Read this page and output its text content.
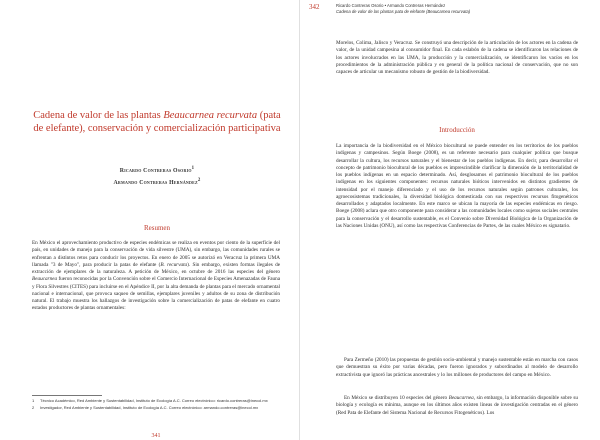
Cadena de valor de las plantas Beaucarnea recurvata (pata de elefante), conservación y comercialización participativa
Ricardo Contreras Osorio$^1$
Armando Contreras Hernández$^2$
Resumen

En México el aprovechamiento productivo de especies endémicas se realiza en eventos por ciento de la superficie del país, en unidades de manejo para la conservación de vida silvestre (UMA), sin embargo, las comunidades rurales se enfrentan a distintos retos para conducir los proyectos. En enero de 2005 se autorizó en Veracruz la primera UMA llamada "3 de Mayo", para producir la patas de elefante (B. recurvata). Sin embargo, existen formas ilegales de extracción de ejemplares de la naturaleza. A petición de México, en octubre de 2016 las especies del género Beaucarnea fueron reconocidas por la Convención sobre el Comercio Internacional de Especies Amenazadas de Fauna y Flora Silvestres (CITES) para incluirse en el Apéndice II, por la alta demanda de plantas para el mercado ornamental nacional e internacional, que provoca saqueo de semillas, ejemplares juveniles y adultos de su zona de distribución natural. El trabajo muestra los hallazgos de investigación sobre la comercialización de patas de elefante en cuatro estados productores de plantas ornamentales:

1	Técnico Académico, Red Ambiente y Sustentabilidad, Instituto de Ecología A.C. Correo electrónico: ricardo.contreras@inecol.mx
2	Investigador, Red Ambiente y Sustentabilidad, Instituto de Ecología A.C. Correo electrónico: armando.contreras@inecol.mx
341
342	Ricardo Contreras Osorio • Armando Contreras Hernández
Cadena de valor de las plantas pata de elefante (Beaucarnea recurvata)

Morelos, Colima, Jalisco y Veracruz. Se construyó una descripción de la articulación de los actores en la cadena de valor, de la unidad campesina al consumidor final. En cada eslabón de la cadena se identificaron las relaciones de los actores involucrados en las UMA, la producción y la comercialización, se identificaron los vacíos en los procedimientos de la administración pública y en general de la política nacional de conservación, que no son capaces de articular un mecanismo robusto de gestión de la biodiversidad.

Introducción

La importancia de la biodiversidad en el México biocultural se puede entender en los territorios de los pueblos indígenas y campesinos. Según Boege (2008), es un referente necesario para cualquier política que busque desarrollar la cultura, los recursos naturales y el bienestar de los pueblos indígenas. En decir, para desarrollar el concepto de patrimonio biocultural de los pueblos es imprescindible clarificar la dimensión de la territorialidad de los pueblos indígenas en un espacio determinado. Así, desglosamos el patrimonio biocultural de los pueblos indígenas en los siguientes componentes: recursos naturales bióticos intervenidos en distintos gradientes de intensidad por el manejo diferenciado y el uso de los recursos naturales según patrones culturales, los agroecosistemas tradicionales, la diversidad biológica domesticada con sus respectivos recursos fitogenéticos desarrollados y adaptados localmente. En este marco se ubican la mayoría de las especies endémicas en riesgo. Boege (2008) aclara que otro componente para considerar a las comunidades locales como sujetos sociales centrales para la conservación y el desarrollo sustentable, es el Convenio sobre Diversidad Biológica de la Organización de las Naciones Unidas (ONU), así como las respectivas Conferencias de Partes, de las cuales México es signatario.

Para Zermeño (2010) las propuestas de gestión socio-ambiental y manejo sustentable están en marcha con casos que demuestran su éxito por varias décadas, pero fueron ignorados y subordinados al modelo de desarrollo extractivista que ignoró las prácticas ancestrales y lo los millones de productores del campo en México.

En México se distribuyen 10 especies del género Beaucarnea, sin embargo, la información disponible sobre su biología y ecología es mínima, aunque en los últimos años existen líneas de investigación centradas en el género (Red Pata de Elefante del Sistema Nacional de Recursos Fitogenéticos). Los
